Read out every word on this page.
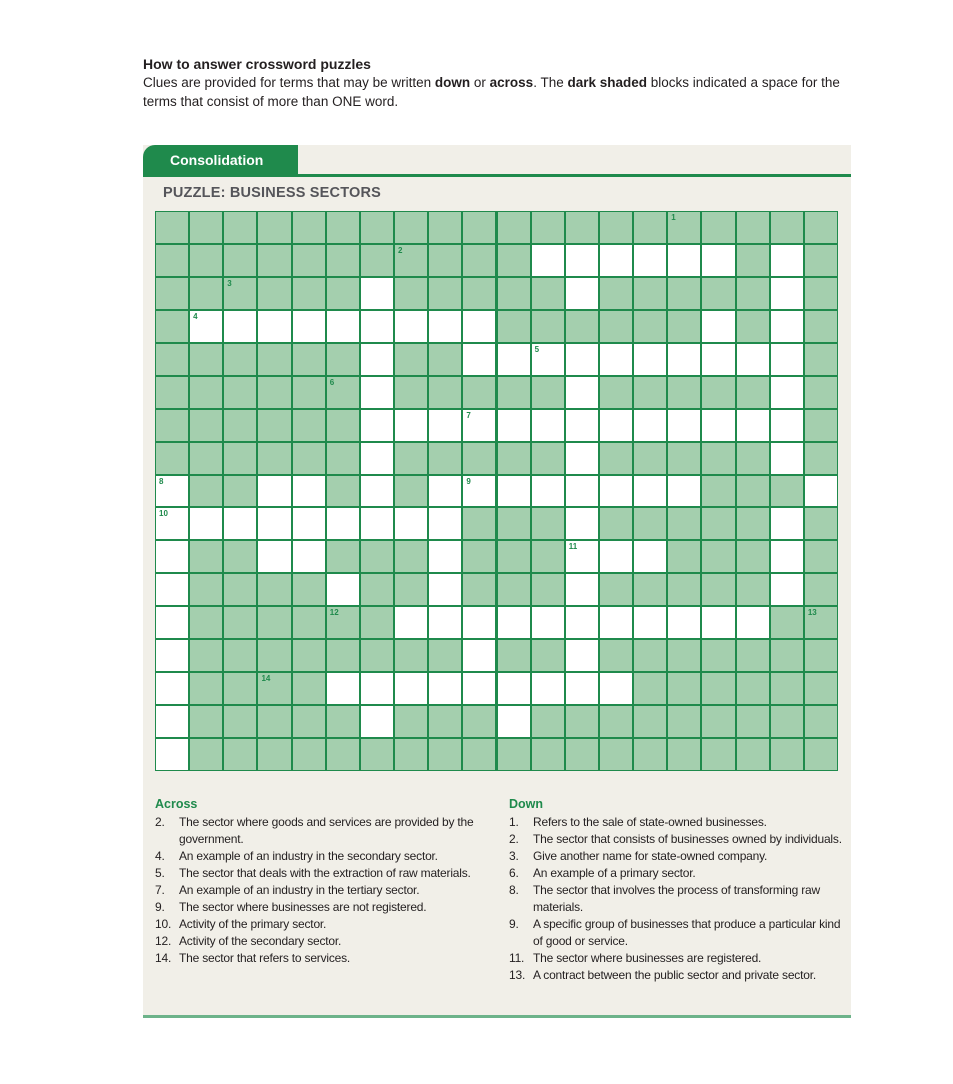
How to answer crossword puzzles
Clues are provided for terms that may be written down or across. The dark shaded blocks indicated a space for the terms that consist of more than ONE word.
Consolidation
PUZZLE: BUSINESS SECTORS
1
2
3
4
5
6
7
8	9
10
11
12	13
14
Across
2.	The sector where goods and services are provided by the government.
4.	An example of an industry in the secondary sector.
5.	The sector that deals with the extraction of raw materials.
7.	An example of an industry in the tertiary sector.
9.	The sector where businesses are not registered.
10. Activity of the primary sector.
12. Activity of the secondary sector.
14. The sector that refers to services.
Down
1.	Refers to the sale of state-owned businesses.
2.	The sector that consists of businesses owned by individuals.
3.	Give another name for state-owned company.
6.	An example of a primary sector.
8.	The sector that involves the process of transforming raw materials.
9.	A specific group of businesses that produce a particular kind of good or service.
11. The sector where businesses are registered.
13. A contract between the public sector and private sector.
